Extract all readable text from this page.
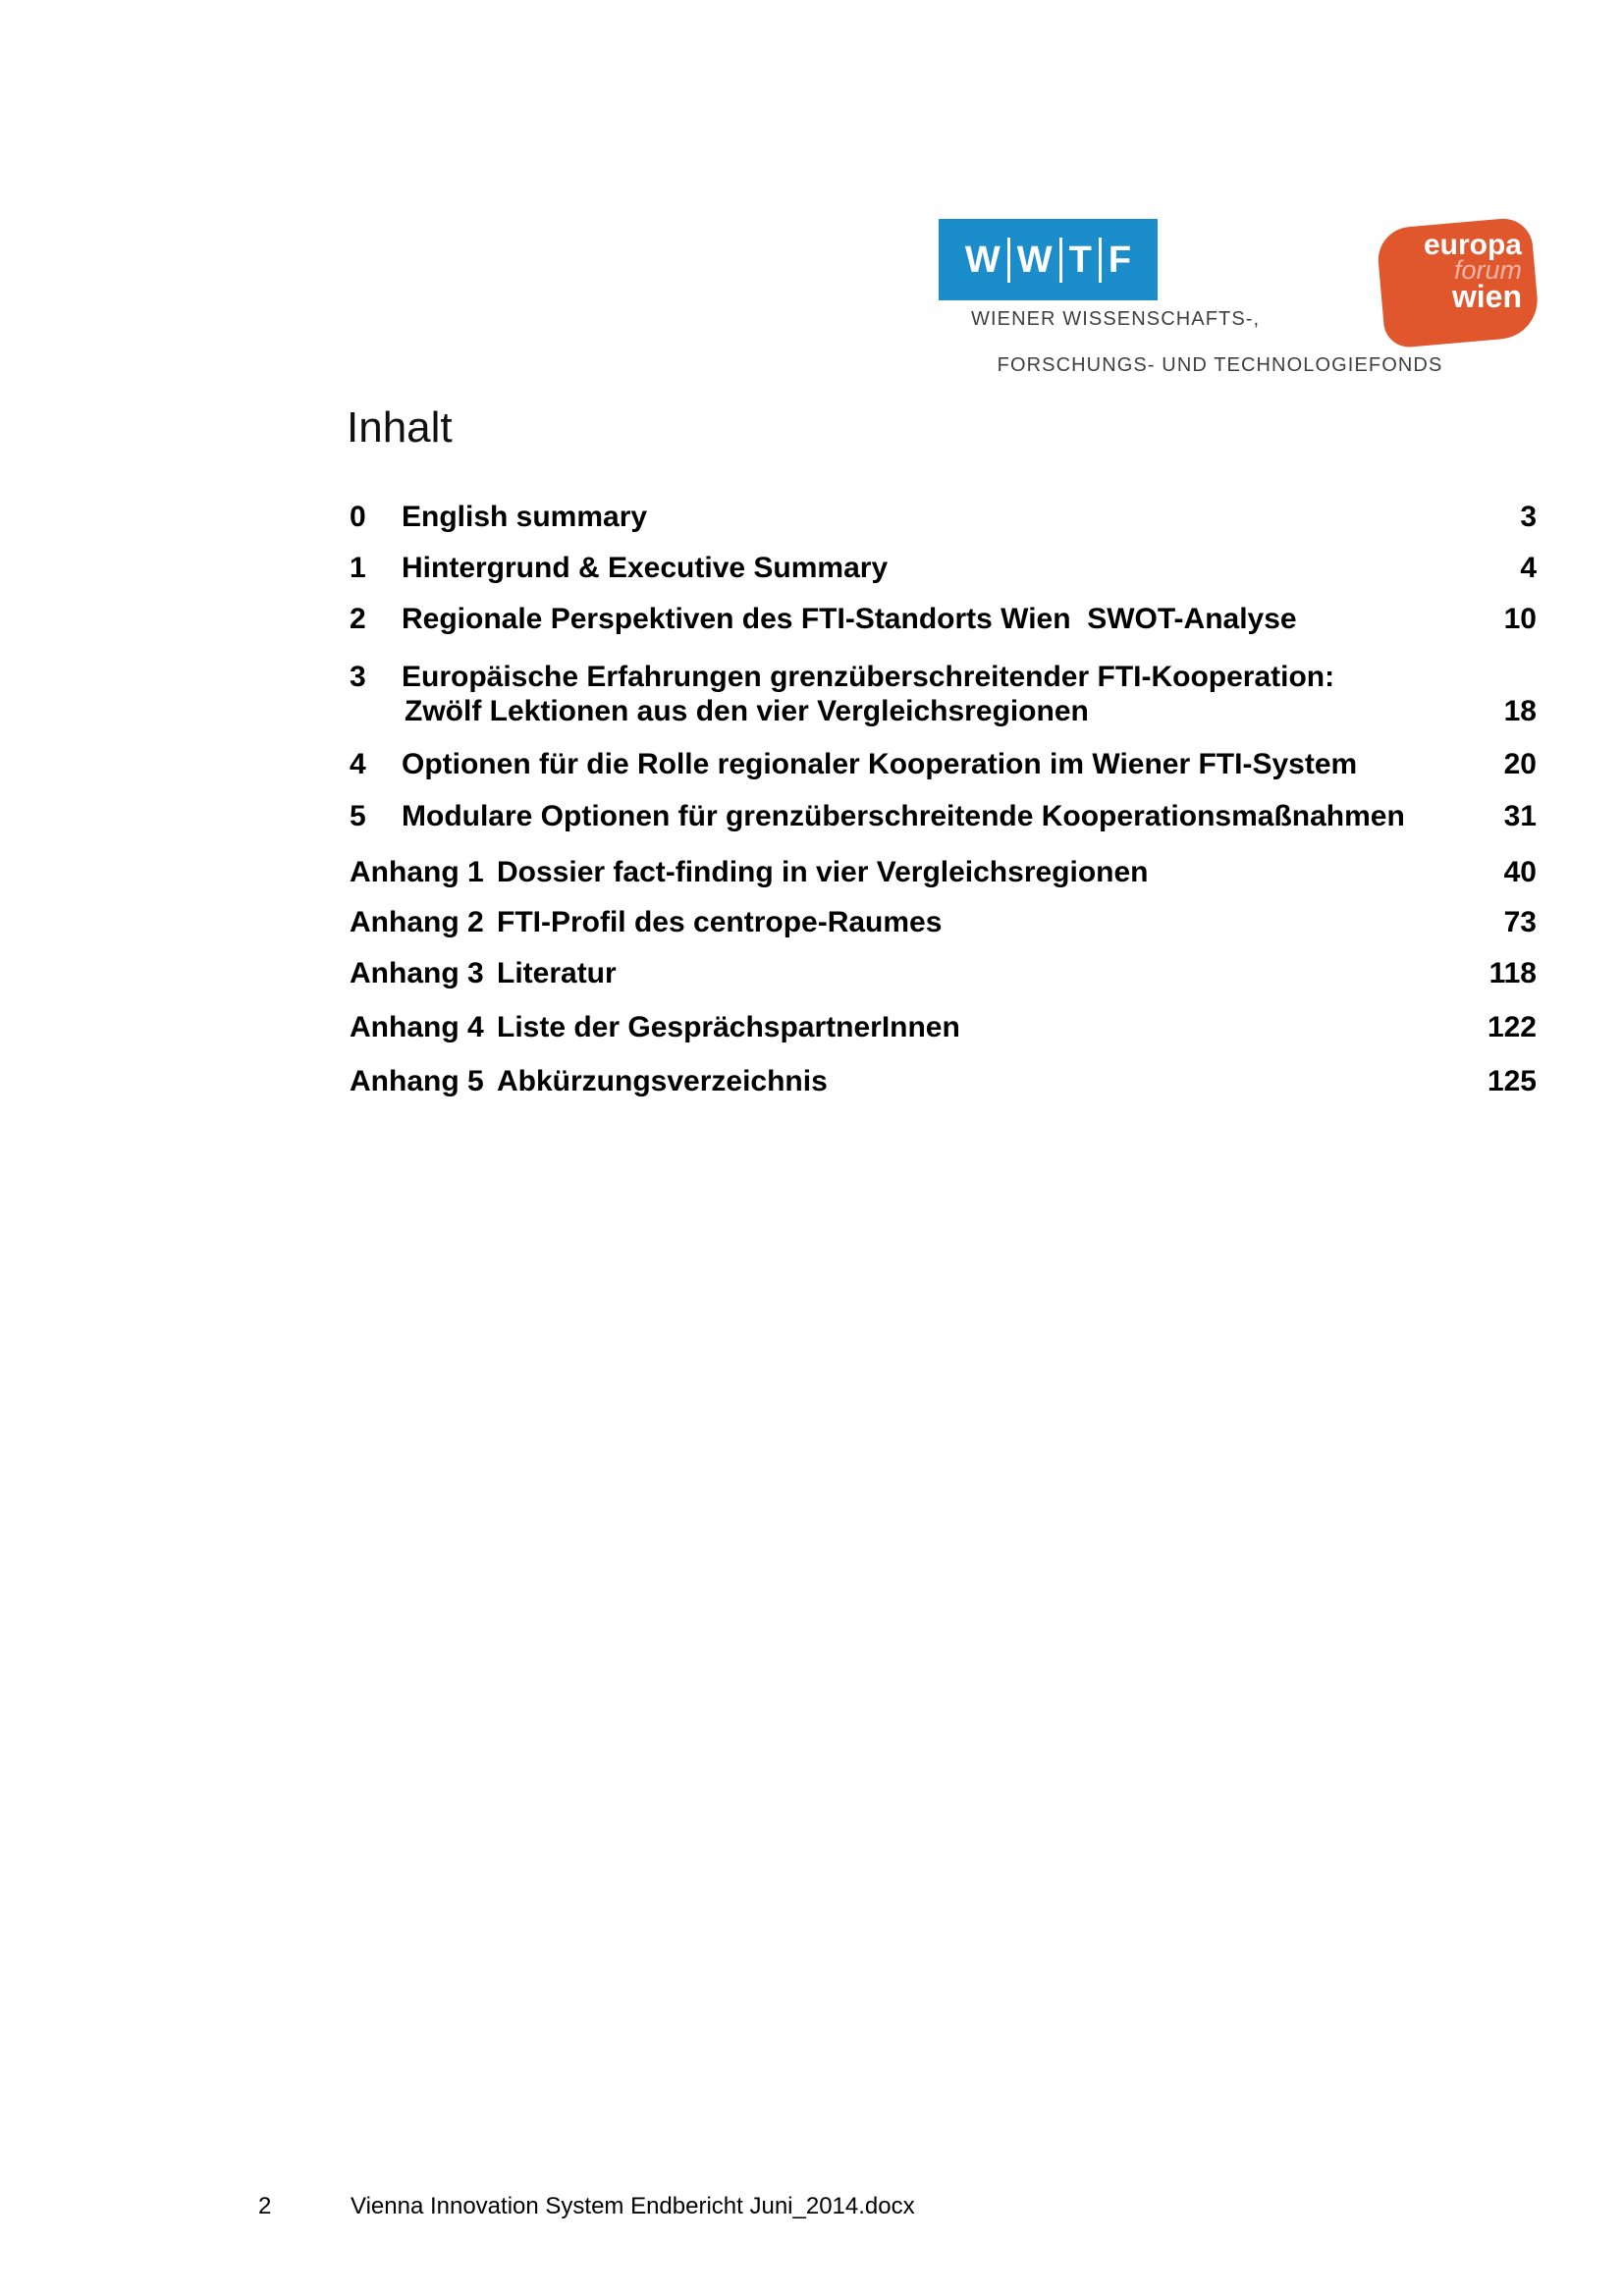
W W T F
WIENER WISSENSCHAFTS-,

FORSCHUNGS- UND TECHNOLOGIEFONDS

europa
forum
wien
Inhalt
0 English summary	3
1 Hintergrund & Executive Summary	4
2 Regionale Perspektiven des FTI-Standorts Wien  SWOT-Analyse	10
3 Europäische Erfahrungen grenzüberschreitender FTI-Kooperation:
Zwölf Lektionen aus den vier Vergleichsregionen	18
4 Optionen für die Rolle regionaler Kooperation im Wiener FTI-System	20
5 Modulare Optionen für grenzüberschreitende Kooperationsmaßnahmen	31
Anhang 1 Dossier fact-finding in vier Vergleichsregionen	40
Anhang 2 FTI-Profil des centrope-Raumes	73
Anhang 3 Literatur	118
Anhang 4 Liste der GesprächspartnerInnen	122
Anhang 5 Abkürzungsverzeichnis	125
2	Vienna Innovation System Endbericht Juni_2014.docx
